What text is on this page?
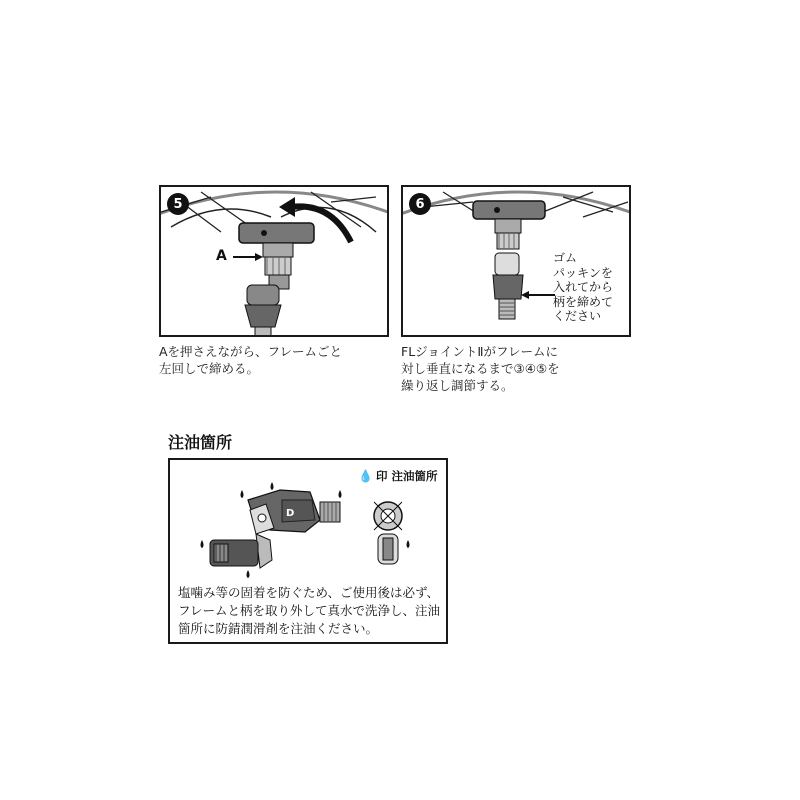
5
A
Aを押さえながら、フレームごと
左回しで締める。
6
ゴム
パッキンを
入れてから
柄を締めて
ください
FLジョイントⅡがフレームに
対し垂直になるまで③④⑤を
繰り返し調節する。
注油箇所
D
💧 印 注油箇所
塩噛み等の固着を防ぐため、ご使用後は必ず、
フレームと柄を取り外して真水で洗浄し、注油
箇所に防錆潤滑剤を注油ください。
